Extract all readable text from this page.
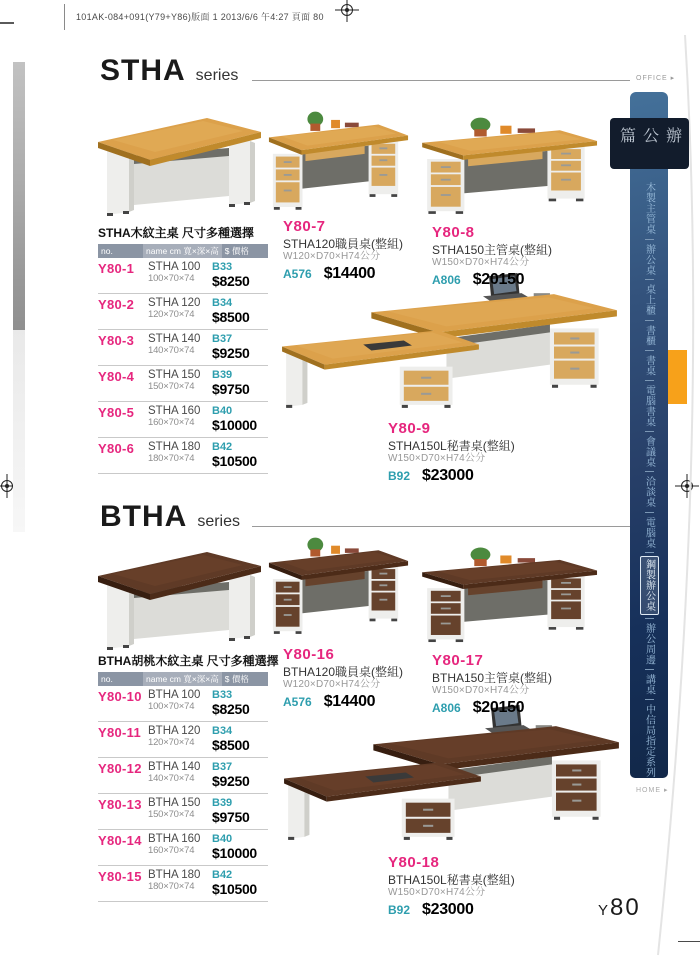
101AK-084+091(Y79+Y86)版面 1 2013/6/6 午4:27 頁面 80
STHA series
Y80-7
STHA120職員桌(整組)
W120×D70×H74公分
A576 $14400
Y80-8
STHA150主管桌(整組)
W150×D70×H74公分
A806 $20150
Y80-9
STHA150L秘書桌(整組)
W150×D70×H74公分
B92 $23000
STHA木紋主桌 尺寸多種選擇
no.	name cm 寬×深×高 $ 價格
Y80-1	STHA 100
100×70×74
B33
$8250
Y80-2	STHA 120
120×70×74
B34
$8500
Y80-3	STHA 140
140×70×74
B37
$9250
Y80-4	STHA 150
150×70×74
B39
$9750
Y80-5	STHA 160
160×70×74
B40
$10000
Y80-6	STHA 180
180×70×74
B42
$10500
BTHA series
Y80-16
BTHA120職員桌(整組)
W120×D70×H74公分
A576 $14400
Y80-17
BTHA150主管桌(整組)
W150×D70×H74公分
A806 $20150
Y80-18
BTHA150L秘書桌(整組)
W150×D70×H74公分
B92 $23000
BTHA胡桃木紋主桌 尺寸多種選擇
no.	name cm 寬×深×高 $ 價格
Y80-10 BTHA 100
100×70×74
B33
$8250
Y80-11 BTHA 120
120×70×74
B34
$8500
Y80-12 BTHA 140
140×70×74
B37
$9250
Y80-13 BTHA 150
150×70×74
B39
$9750
Y80-14 BTHA 160
160×70×74
B40
$10000
Y80-15 BTHA 180
180×70×74
B42
$10500
OFFICE ▸
辦公篇
木製主管桌
辦公桌
桌上櫃
書櫃
書桌
電腦書桌
會議桌
洽談桌
電腦桌
鋼製辦公桌
辦公周邊
講桌
中信局指定系列
HOME ▸
Y 80
